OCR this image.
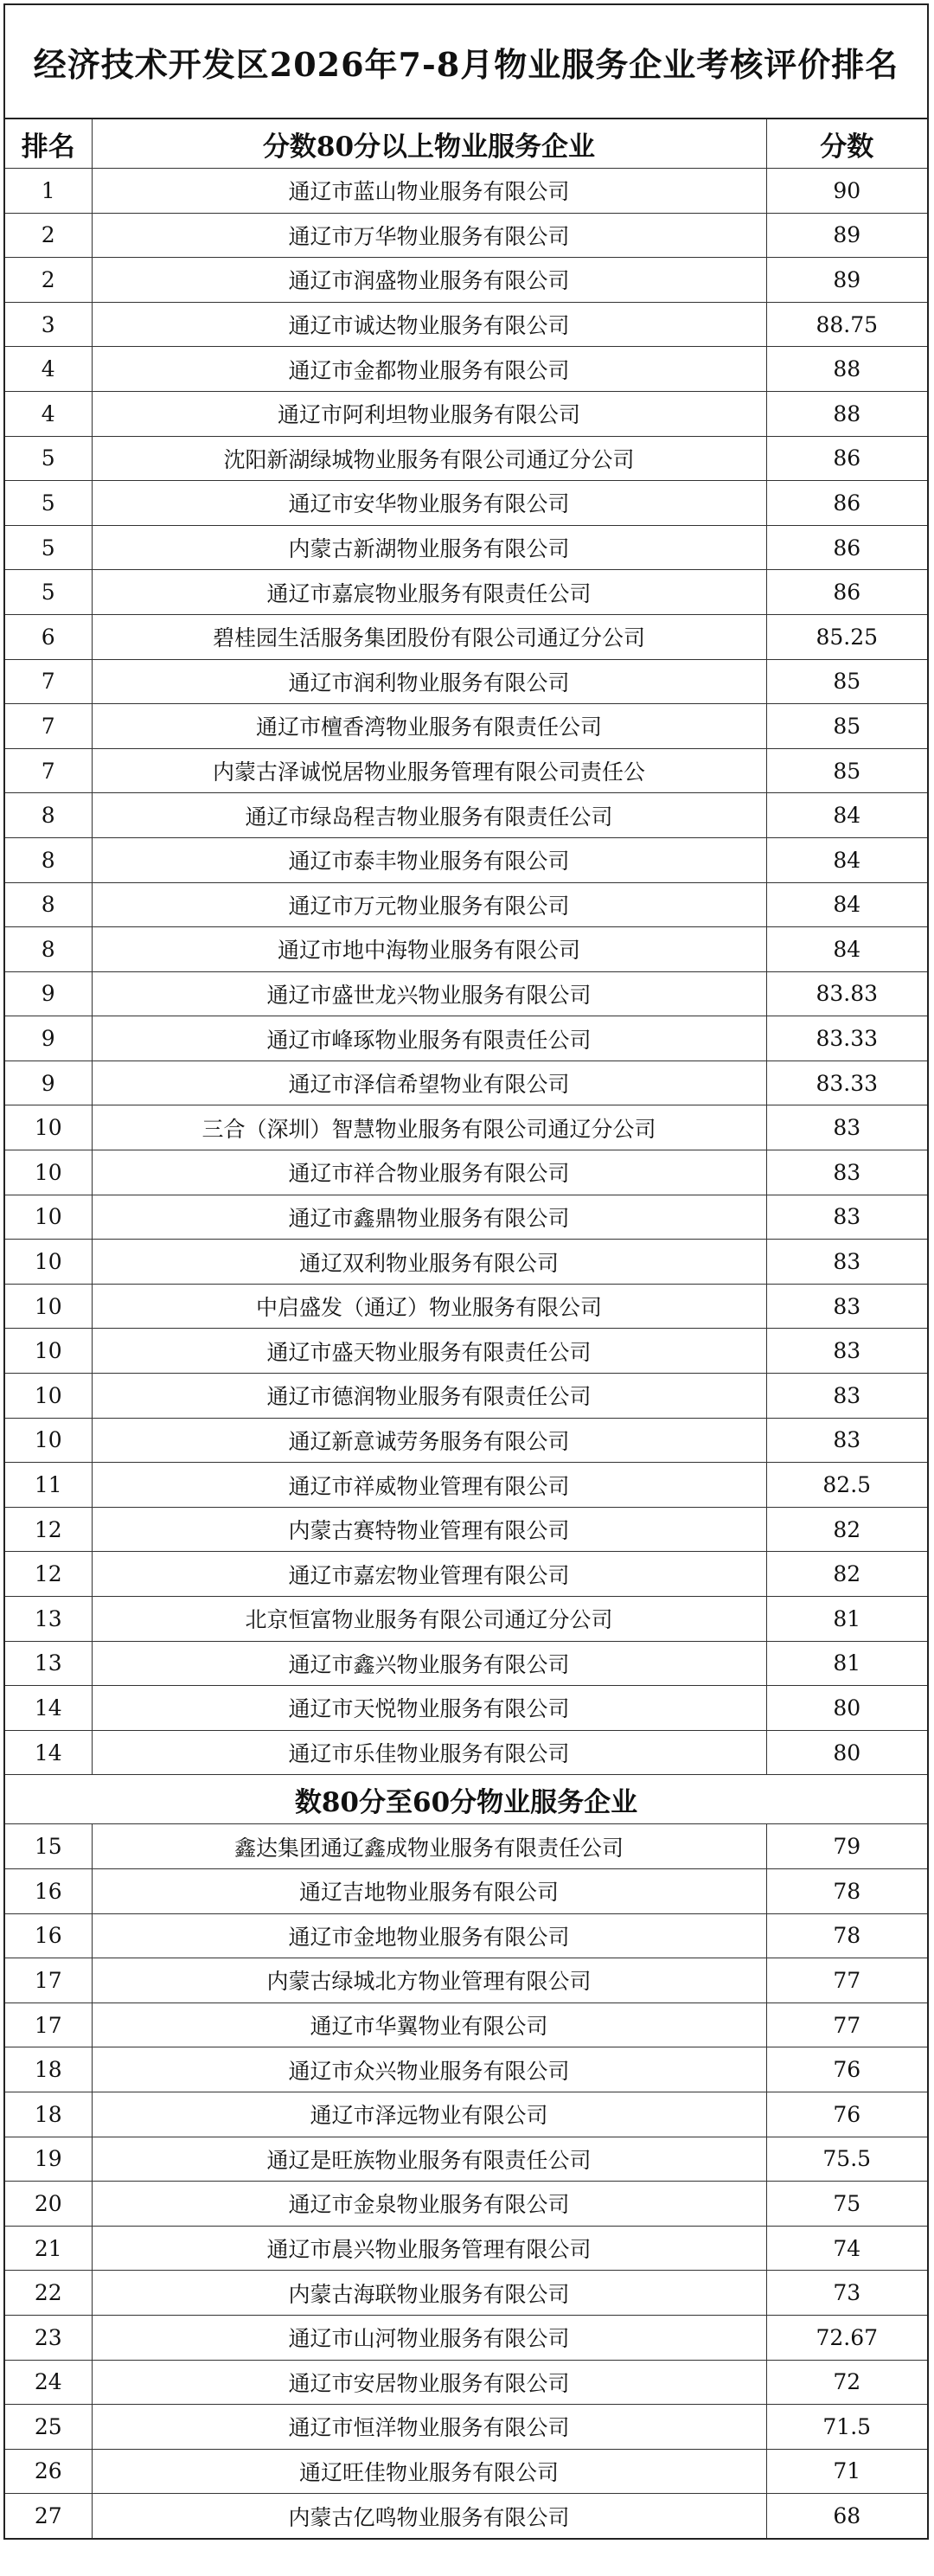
经济技术开发区2026年7-8月物业服务企业考核评价排名
排名	分数80分以上物业服务企业	分数
1	通辽市蓝山物业服务有限公司	90
2	通辽市万华物业服务有限公司	89
2	通辽市润盛物业服务有限公司	89
3	通辽市诚达物业服务有限公司	88.75
4	通辽市金都物业服务有限公司	88
4	通辽市阿利坦物业服务有限公司	88
5	沈阳新湖绿城物业服务有限公司通辽分公司	86
5	通辽市安华物业服务有限公司	86
5	内蒙古新湖物业服务有限公司	86
5	通辽市嘉宸物业服务有限责任公司	86
6	碧桂园生活服务集团股份有限公司通辽分公司	85.25
7	通辽市润利物业服务有限公司	85
7	通辽市檀香湾物业服务有限责任公司	85
7	内蒙古泽诚悦居物业服务管理有限公司责任公	85
8	通辽市绿岛程吉物业服务有限责任公司	84
8	通辽市泰丰物业服务有限公司	84
8	通辽市万元物业服务有限公司	84
8	通辽市地中海物业服务有限公司	84
9	通辽市盛世龙兴物业服务有限公司	83.83
9	通辽市峰琢物业服务有限责任公司	83.33
9	通辽市泽信希望物业有限公司	83.33
10	三合（深圳）智慧物业服务有限公司通辽分公司	83
10	通辽市祥合物业服务有限公司	83
10	通辽市鑫鼎物业服务有限公司	83
10	通辽双利物业服务有限公司	83
10	中启盛发（通辽）物业服务有限公司	83
10	通辽市盛天物业服务有限责任公司	83
10	通辽市德润物业服务有限责任公司	83
10	通辽新意诚劳务服务有限公司	83
11	通辽市祥威物业管理有限公司	82.5
12	内蒙古赛特物业管理有限公司	82
12	通辽市嘉宏物业管理有限公司	82
13	北京恒富物业服务有限公司通辽分公司	81
13	通辽市鑫兴物业服务有限公司	81
14	通辽市天悦物业服务有限公司	80
14	通辽市乐佳物业服务有限公司	80
数80分至60分物业服务企业		
15	鑫达集团通辽鑫成物业服务有限责任公司	79
16	通辽吉地物业服务有限公司	78
16	通辽市金地物业服务有限公司	78
17	内蒙古绿城北方物业管理有限公司	77
17	通辽市华翼物业有限公司	77
18	通辽市众兴物业服务有限公司	76
18	通辽市泽远物业有限公司	76
19	通辽是旺族物业服务有限责任公司	75.5
20	通辽市金泉物业服务有限公司	75
21	通辽市晨兴物业服务管理有限公司	74
22	内蒙古海联物业服务有限公司	73
23	通辽市山河物业服务有限公司	72.67
24	通辽市安居物业服务有限公司	72
25	通辽市恒洋物业服务有限公司	71.5
26	通辽旺佳物业服务有限公司	71
27	内蒙古亿鸣物业服务有限公司	68
